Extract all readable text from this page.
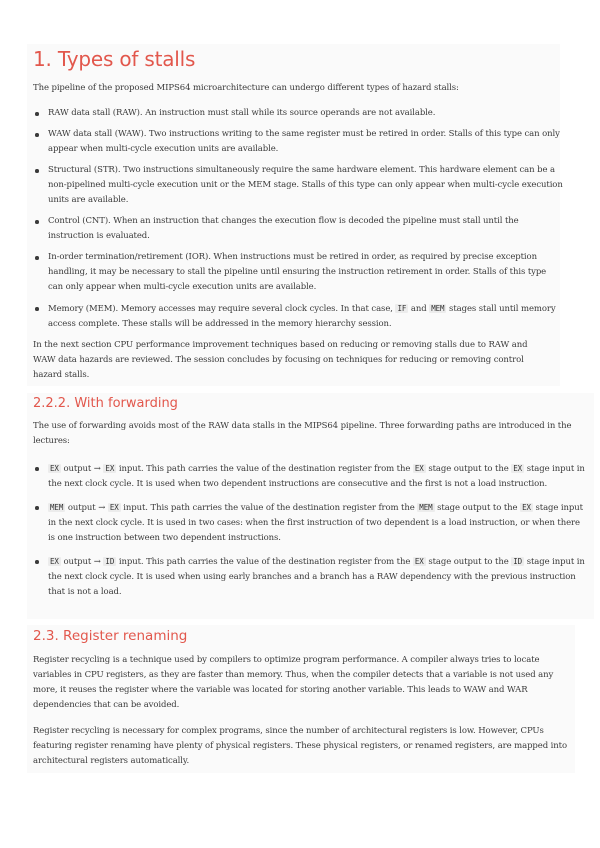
1. Types of stalls

The pipeline of the proposed MIPS64 microarchitecture can undergo different types of hazard stalls:

RAW data stall (RAW). An instruction must stall while its source operands are not available.
WAW data stall (WAW). Two instructions writing to the same register must be retired in order. Stalls of this type can only appear when multi-cycle execution units are available.
Structural (STR). Two instructions simultaneously require the same hardware element. This hardware element can be a non-pipelined multi-cycle execution unit or the MEM stage. Stalls of this type can only appear when multi-cycle execution units are available.
Control (CNT). When an instruction that changes the execution flow is decoded the pipeline must stall until the instruction is evaluated.
In-order termination/retirement (IOR). When instructions must be retired in order, as required by precise exception handling, it may be necessary to stall the pipeline until ensuring the instruction retirement in order. Stalls of this type can only appear when multi-cycle execution units are available.
Memory (MEM). Memory accesses may require several clock cycles. In that case, IF and MEM stages stall until memory access complete. These stalls will be addressed in the memory hierarchy session.

In the next section CPU performance improvement techniques based on reducing or removing stalls due to RAW and WAW data hazards are reviewed. The session concludes by focusing on techniques for reducing or removing control hazard stalls.

2.2.2. With forwarding

The use of forwarding avoids most of the RAW data stalls in the MIPS64 pipeline. Three forwarding paths are introduced in the lectures:

EX output → EX input. This path carries the value of the destination register from the EX stage output to the EX stage input in the next clock cycle. It is used when two dependent instructions are consecutive and the first is not a load instruction.
MEM output → EX input. This path carries the value of the destination register from the MEM stage output to the EX stage input in the next clock cycle. It is used in two cases: when the first instruction of two dependent is a load instruction, or when there is one instruction between two dependent instructions.
EX output → ID input. This path carries the value of the destination register from the EX stage output to the ID stage input in the next clock cycle. It is used when using early branches and a branch has a RAW dependency with the previous instruction that is not a load.
2.3. Register renaming

Register recycling is a technique used by compilers to optimize program performance. A compiler always tries to locate variables in CPU registers, as they are faster than memory. Thus, when the compiler detects that a variable is not used any more, it reuses the register where the variable was located for storing another variable. This leads to WAW and WAR dependencies that can be avoided.

Register recycling is necessary for complex programs, since the number of architectural registers is low. However, CPUs featuring register renaming have plenty of physical registers. These physical registers, or renamed registers, are mapped into architectural registers automatically.
